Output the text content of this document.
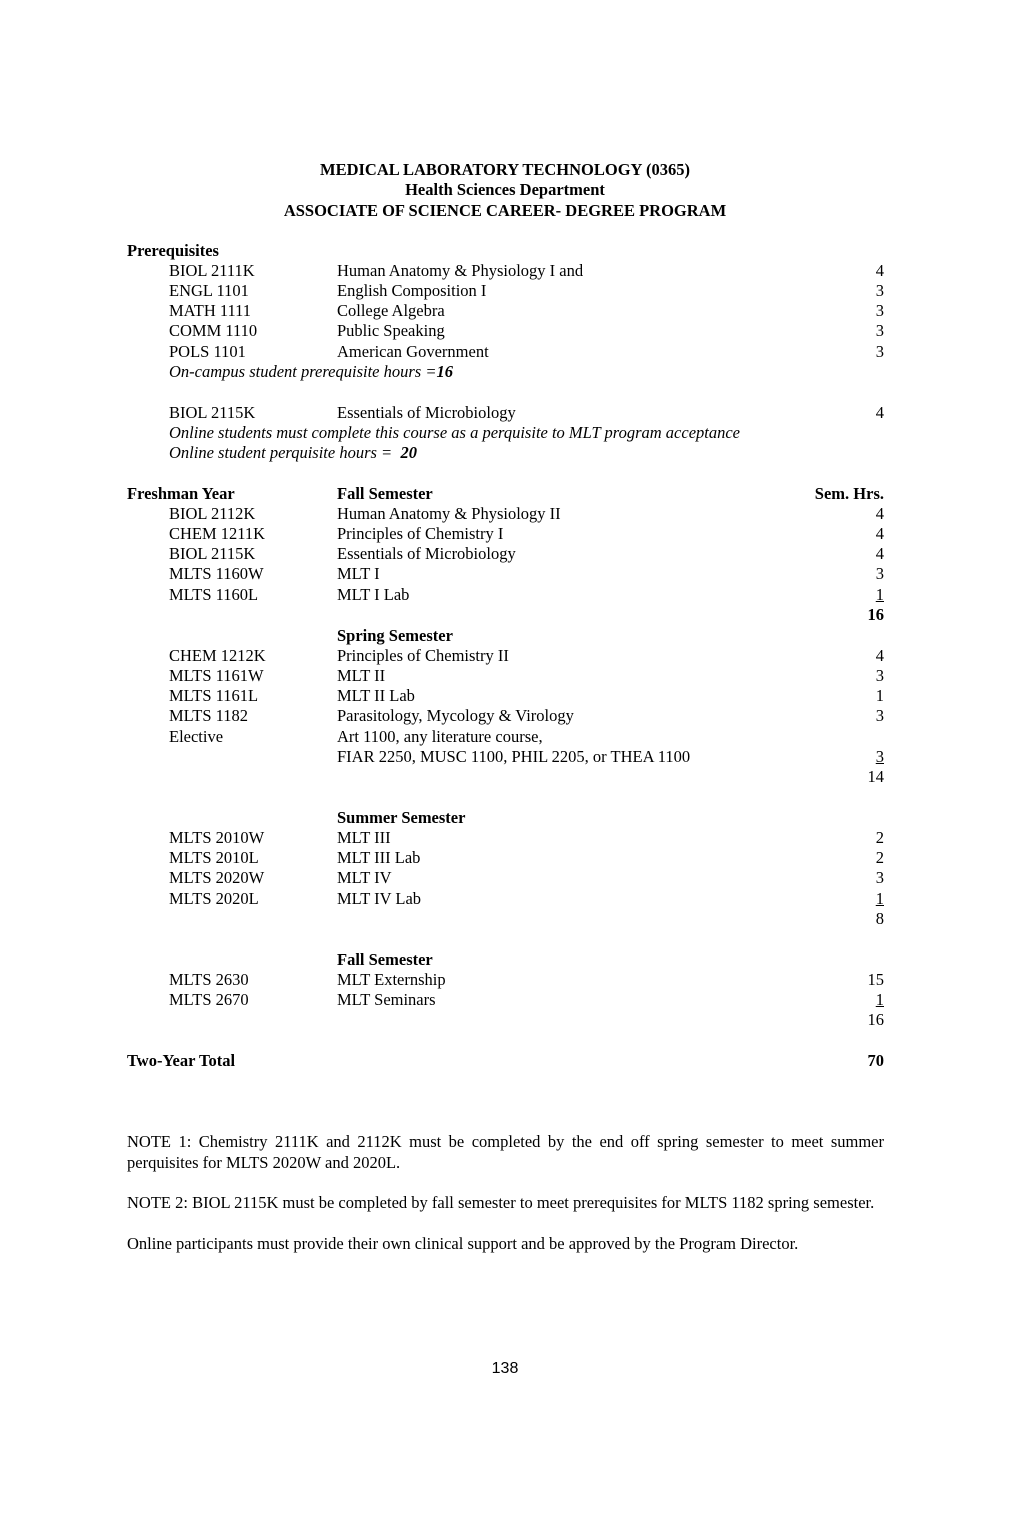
MEDICAL LABORATORY TECHNOLOGY (0365)
Health Sciences Department
ASSOCIATE OF SCIENCE CAREER- DEGREE PROGRAM
Prerequisites
BIOL 2111K	Human Anatomy & Physiology I and	4
ENGL 1101	English Composition I	3
MATH 1111	College Algebra	3
COMM 1110	Public Speaking	3
POLS 1101	American Government	3
On-campus student prerequisite hours =16
BIOL 2115K	Essentials of Microbiology	4
Online students must complete this course as a perquisite to MLT program acceptance
Online student perquisite hours = 20
Freshman Year	Fall Semester	Sem. Hrs.
BIOL 2112K	Human Anatomy & Physiology II	4
CHEM 1211K	Principles of Chemistry I	4
BIOL 2115K	Essentials of Microbiology	4
MLTS 1160W	MLT I	3
MLTS 1160L	MLT I Lab	1
16
Spring Semester
CHEM 1212K	Principles of Chemistry II	4
MLTS 1161W	MLT II	3
MLTS 1161L	MLT II Lab	1
MLTS 1182	Parasitology, Mycology & Virology	3
Elective	Art 1100, any literature course,
FIAR 2250, MUSC 1100, PHIL 2205, or THEA 1100	3
14
Summer Semester
MLTS 2010W	MLT III	2
MLTS 2010L	MLT III Lab	2
MLTS 2020W	MLT IV	3
MLTS 2020L	MLT IV Lab	1
8
Fall Semester
MLTS 2630	MLT Externship	15
MLTS 2670	MLT Seminars	1
16
Two-Year Total	70
NOTE 1: Chemistry 2111K and 2112K must be completed by the end off spring semester to meet summer perquisites for MLTS 2020W and 2020L.
NOTE 2: BIOL 2115K must be completed by fall semester to meet prerequisites for MLTS 1182 spring semester.
Online participants must provide their own clinical support and be approved by the Program Director.
138
